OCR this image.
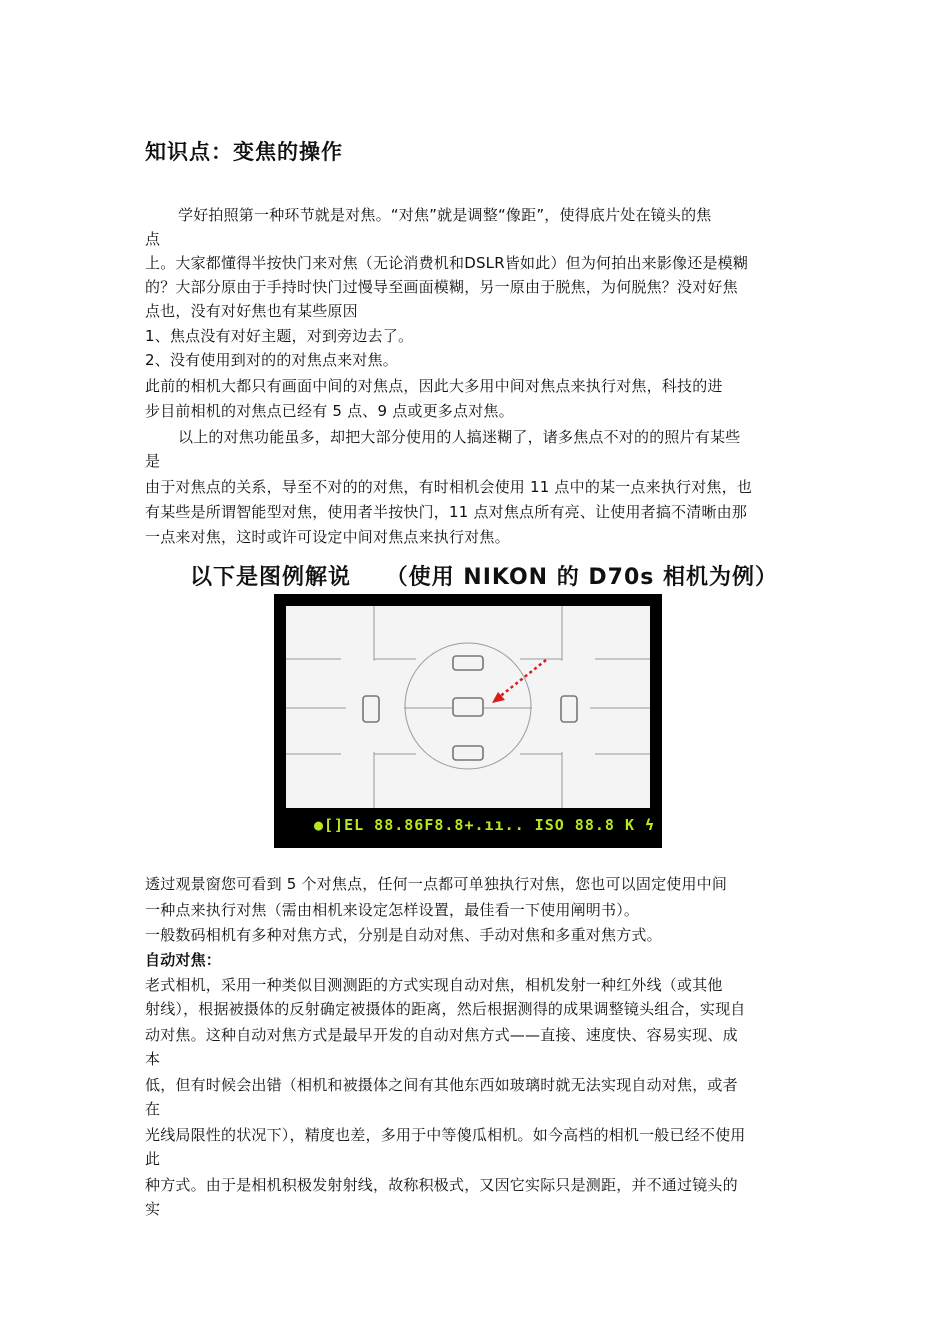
知识点：变焦的操作
学好拍照第一种环节就是对焦。“对焦”就是调整“像距”，使得底片处在镜头的焦
点
上。大家都懂得半按快门来对焦（无论消费机和DSLR皆如此）但为何拍出来影像还是模糊
的？大部分原由于手持时快门过慢导至画面模糊，另一原由于脱焦，为何脱焦？没对好焦
点也，没有对好焦也有某些原因
1、焦点没有对好主题，对到旁边去了。
2、没有使用到对的的对焦点来对焦。
此前的相机大都只有画面中间的对焦点，因此大多用中间对焦点来执行对焦，科技的进
步目前相机的对焦点已经有 5 点、9 点或更多点对焦。
以上的对焦功能虽多，却把大部分使用的人搞迷糊了，诸多焦点不对的的照片有某些
是
由于对焦点的关系，导至不对的的对焦，有时相机会使用 11 点中的某一点来执行对焦，也
有某些是所谓智能型对焦，使用者半按快门，11 点对焦点所有亮、让使用者搞不清晰由那
一点来对焦，这时或许可设定中间对焦点来执行对焦。
以下是图例解说    （使用 NIKON 的 D70s 相机为例）
●[]EL 88.86F8.8+.ıı.. ISO 88.8 K ϟ
透过观景窗您可看到 5 个对焦点，任何一点都可单独执行对焦，您也可以固定使用中间
一种点来执行对焦（需由相机来设定怎样设置，最佳看一下使用阐明书）。
一般数码相机有多种对焦方式，分别是自动对焦、手动对焦和多重对焦方式。
自动对焦：
老式相机，采用一种类似目测测距的方式实现自动对焦，相机发射一种红外线（或其他
射线），根据被摄体的反射确定被摄体的距离，然后根据测得的成果调整镜头组合，实现自
动对焦。这种自动对焦方式是最早开发的自动对焦方式——直接、速度快、容易实现、成
本
低，但有时候会出错（相机和被摄体之间有其他东西如玻璃时就无法实现自动对焦，或者
在
光线局限性的状况下），精度也差，多用于中等傻瓜相机。如今高档的相机一般已经不使用
此
种方式。由于是相机积极发射射线，故称积极式，又因它实际只是测距，并不通过镜头的
实
